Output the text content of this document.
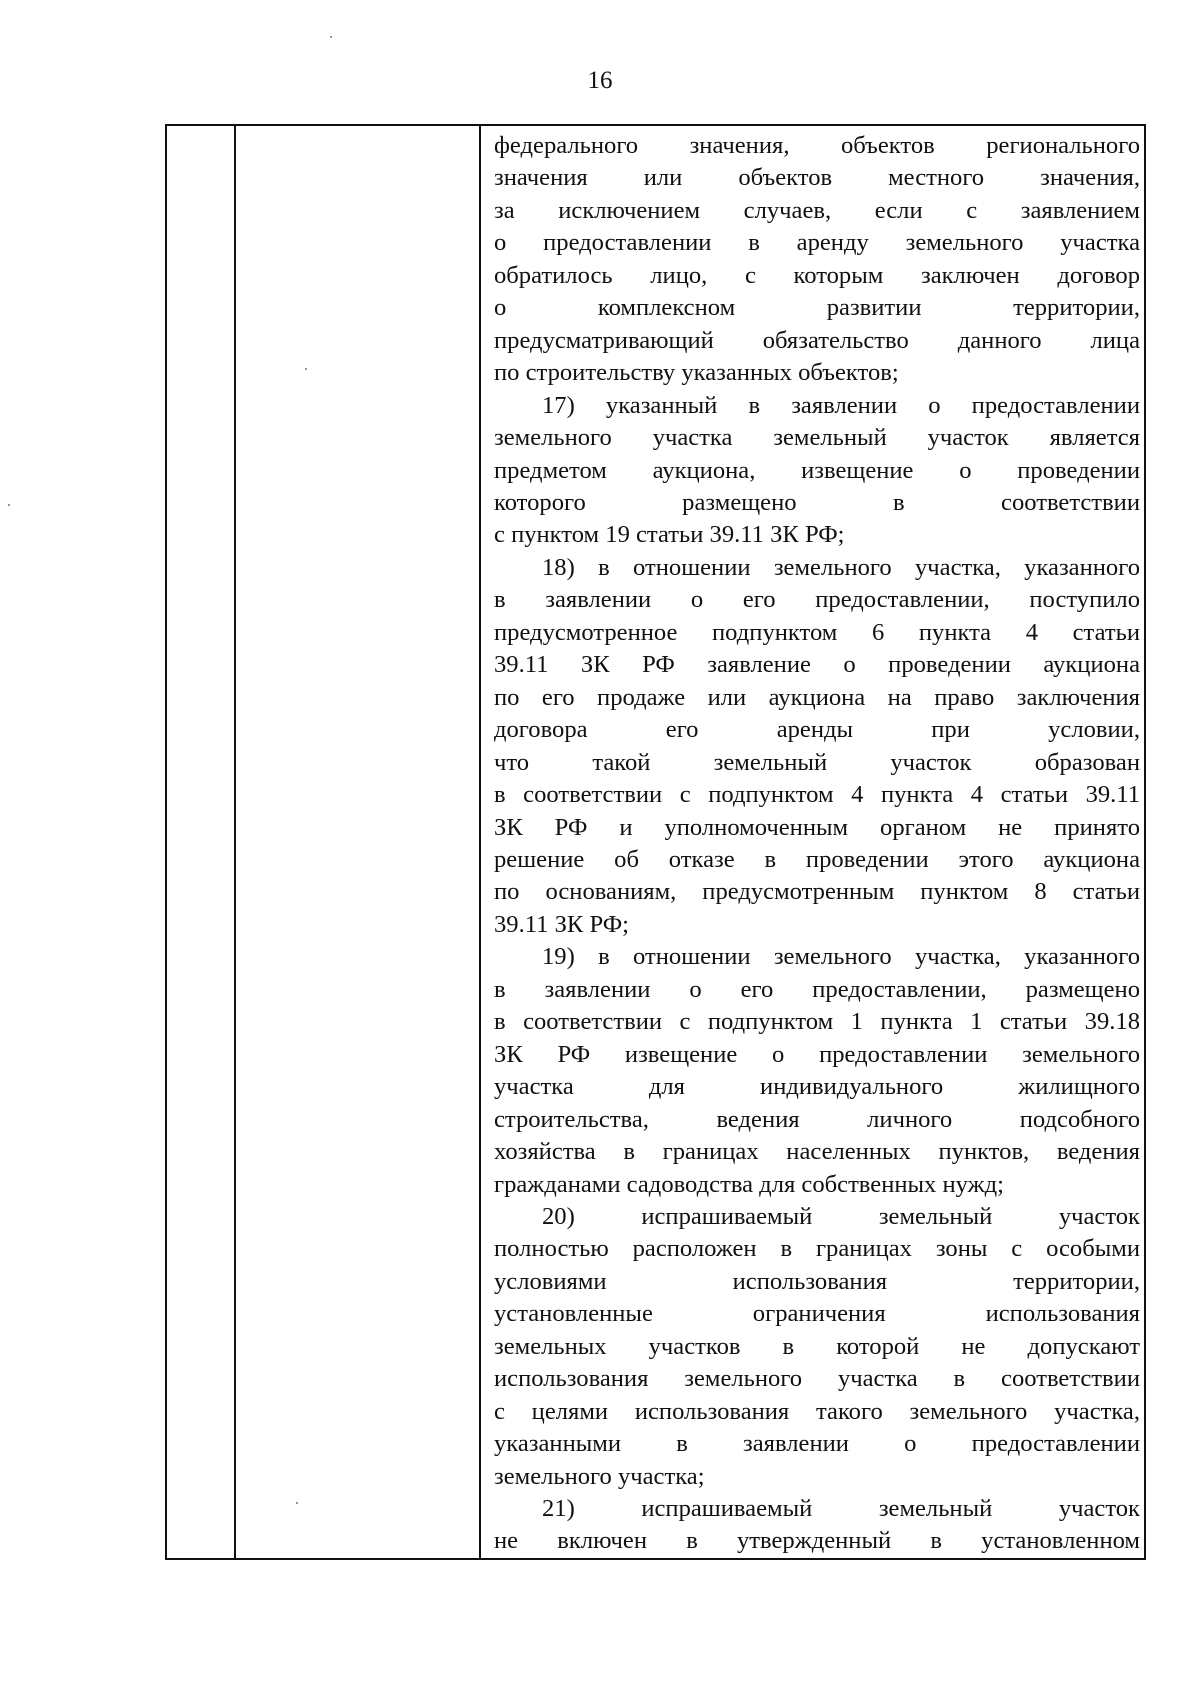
16
федерального значения, объектов регионального
значения или объектов местного значения,
за исключением случаев, если с заявлением
о предоставлении в аренду земельного участка
обратилось лицо, с которым заключен договор
о комплексном развитии территории,
предусматривающий обязательство данного лица
по строительству указанных объектов;
17) указанный в заявлении о предоставлении
земельного участка земельный участок является
предметом аукциона, извещение о проведении
которого размещено в соответствии
с пунктом 19 статьи 39.11 ЗК РФ;
18) в отношении земельного участка, указанного
в заявлении о его предоставлении, поступило
предусмотренное подпунктом 6 пункта 4 статьи
39.11 ЗК РФ заявление о проведении аукциона
по его продаже или аукциона на право заключения
договора его аренды при условии,
что такой земельный участок образован
в соответствии с подпунктом 4 пункта 4 статьи 39.11
ЗК РФ и уполномоченным органом не принято
решение об отказе в проведении этого аукциона
по основаниям, предусмотренным пунктом 8 статьи
39.11 ЗК РФ;
19) в отношении земельного участка, указанного
в заявлении о его предоставлении, размещено
в соответствии с подпунктом 1 пункта 1 статьи 39.18
ЗК РФ извещение о предоставлении земельного
участка для индивидуального жилищного
строительства, ведения личного подсобного
хозяйства в границах населенных пунктов, ведения
гражданами садоводства для собственных нужд;
20) испрашиваемый земельный участок
полностью расположен в границах зоны с особыми
условиями использования территории,
установленные ограничения использования
земельных участков в которой не допускают
использования земельного участка в соответствии
с целями использования такого земельного участка,
указанными в заявлении о предоставлении
земельного участка;
21) испрашиваемый земельный участок
не включен в утвержденный в установленном
